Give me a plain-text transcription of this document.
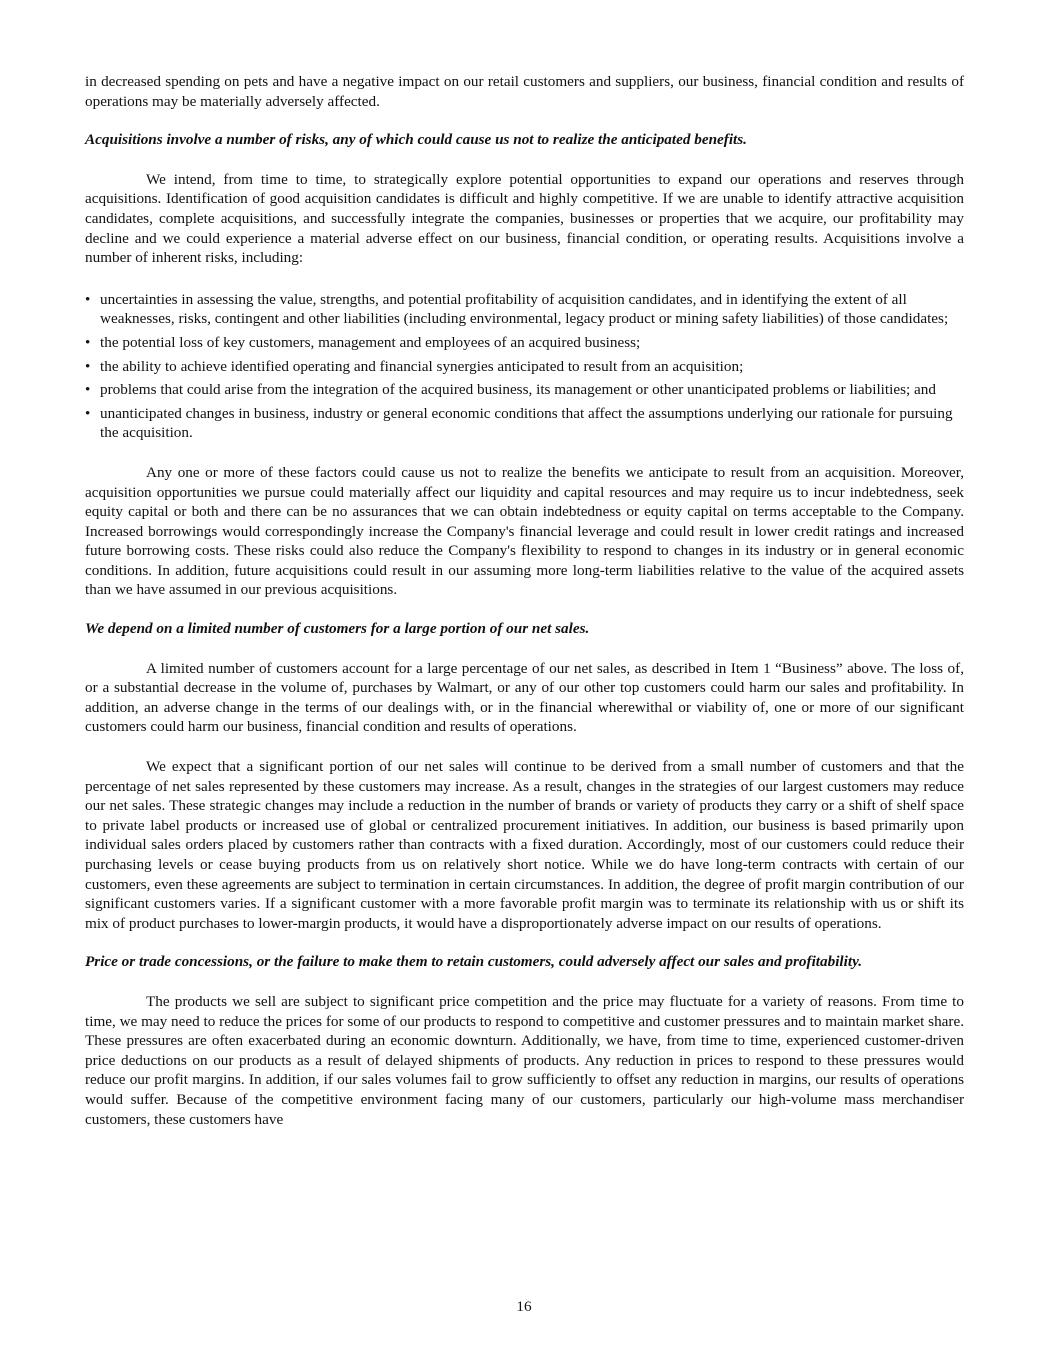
in decreased spending on pets and have a negative impact on our retail customers and suppliers, our business, financial condition and results of operations may be materially adversely affected.

Acquisitions involve a number of risks, any of which could cause us not to realize the anticipated benefits.

We intend, from time to time, to strategically explore potential opportunities to expand our operations and reserves through acquisitions. Identification of good acquisition candidates is difficult and highly competitive. If we are unable to identify attractive acquisition candidates, complete acquisitions, and successfully integrate the companies, businesses or properties that we acquire, our profitability may decline and we could experience a material adverse effect on our business, financial condition, or operating results. Acquisitions involve a number of inherent risks, including:

• uncertainties in assessing the value, strengths, and potential profitability of acquisition candidates, and in identifying the extent of all weaknesses, risks, contingent and other liabilities (including environmental, legacy product or mining safety liabilities) of those candidates;
• the potential loss of key customers, management and employees of an acquired business;
• the ability to achieve identified operating and financial synergies anticipated to result from an acquisition;
• problems that could arise from the integration of the acquired business, its management or other unanticipated problems or liabilities; and
• unanticipated changes in business, industry or general economic conditions that affect the assumptions underlying our rationale for pursuing the acquisition.

Any one or more of these factors could cause us not to realize the benefits we anticipate to result from an acquisition. Moreover, acquisition opportunities we pursue could materially affect our liquidity and capital resources and may require us to incur indebtedness, seek equity capital or both and there can be no assurances that we can obtain indebtedness or equity capital on terms acceptable to the Company. Increased borrowings would correspondingly increase the Company's financial leverage and could result in lower credit ratings and increased future borrowing costs. These risks could also reduce the Company's flexibility to respond to changes in its industry or in general economic conditions. In addition, future acquisitions could result in our assuming more long-term liabilities relative to the value of the acquired assets than we have assumed in our previous acquisitions.

We depend on a limited number of customers for a large portion of our net sales.

A limited number of customers account for a large percentage of our net sales, as described in Item 1 “Business” above. The loss of, or a substantial decrease in the volume of, purchases by Walmart, or any of our other top customers could harm our sales and profitability. In addition, an adverse change in the terms of our dealings with, or in the financial wherewithal or viability of, one or more of our significant customers could harm our business, financial condition and results of operations.

We expect that a significant portion of our net sales will continue to be derived from a small number of customers and that the percentage of net sales represented by these customers may increase. As a result, changes in the strategies of our largest customers may reduce our net sales. These strategic changes may include a reduction in the number of brands or variety of products they carry or a shift of shelf space to private label products or increased use of global or centralized procurement initiatives. In addition, our business is based primarily upon individual sales orders placed by customers rather than contracts with a fixed duration. Accordingly, most of our customers could reduce their purchasing levels or cease buying products from us on relatively short notice. While we do have long-term contracts with certain of our customers, even these agreements are subject to termination in certain circumstances. In addition, the degree of profit margin contribution of our significant customers varies. If a significant customer with a more favorable profit margin was to terminate its relationship with us or shift its mix of product purchases to lower-margin products, it would have a disproportionately adverse impact on our results of operations.

Price or trade concessions, or the failure to make them to retain customers, could adversely affect our sales and profitability.

The products we sell are subject to significant price competition and the price may fluctuate for a variety of reasons. From time to time, we may need to reduce the prices for some of our products to respond to competitive and customer pressures and to maintain market share. These pressures are often exacerbated during an economic downturn. Additionally, we have, from time to time, experienced customer-driven price deductions on our products as a result of delayed shipments of products. Any reduction in prices to respond to these pressures would reduce our profit margins. In addition, if our sales volumes fail to grow sufficiently to offset any reduction in margins, our results of operations would suffer. Because of the competitive environment facing many of our customers, particularly our high-volume mass merchandiser customers, these customers have

16
